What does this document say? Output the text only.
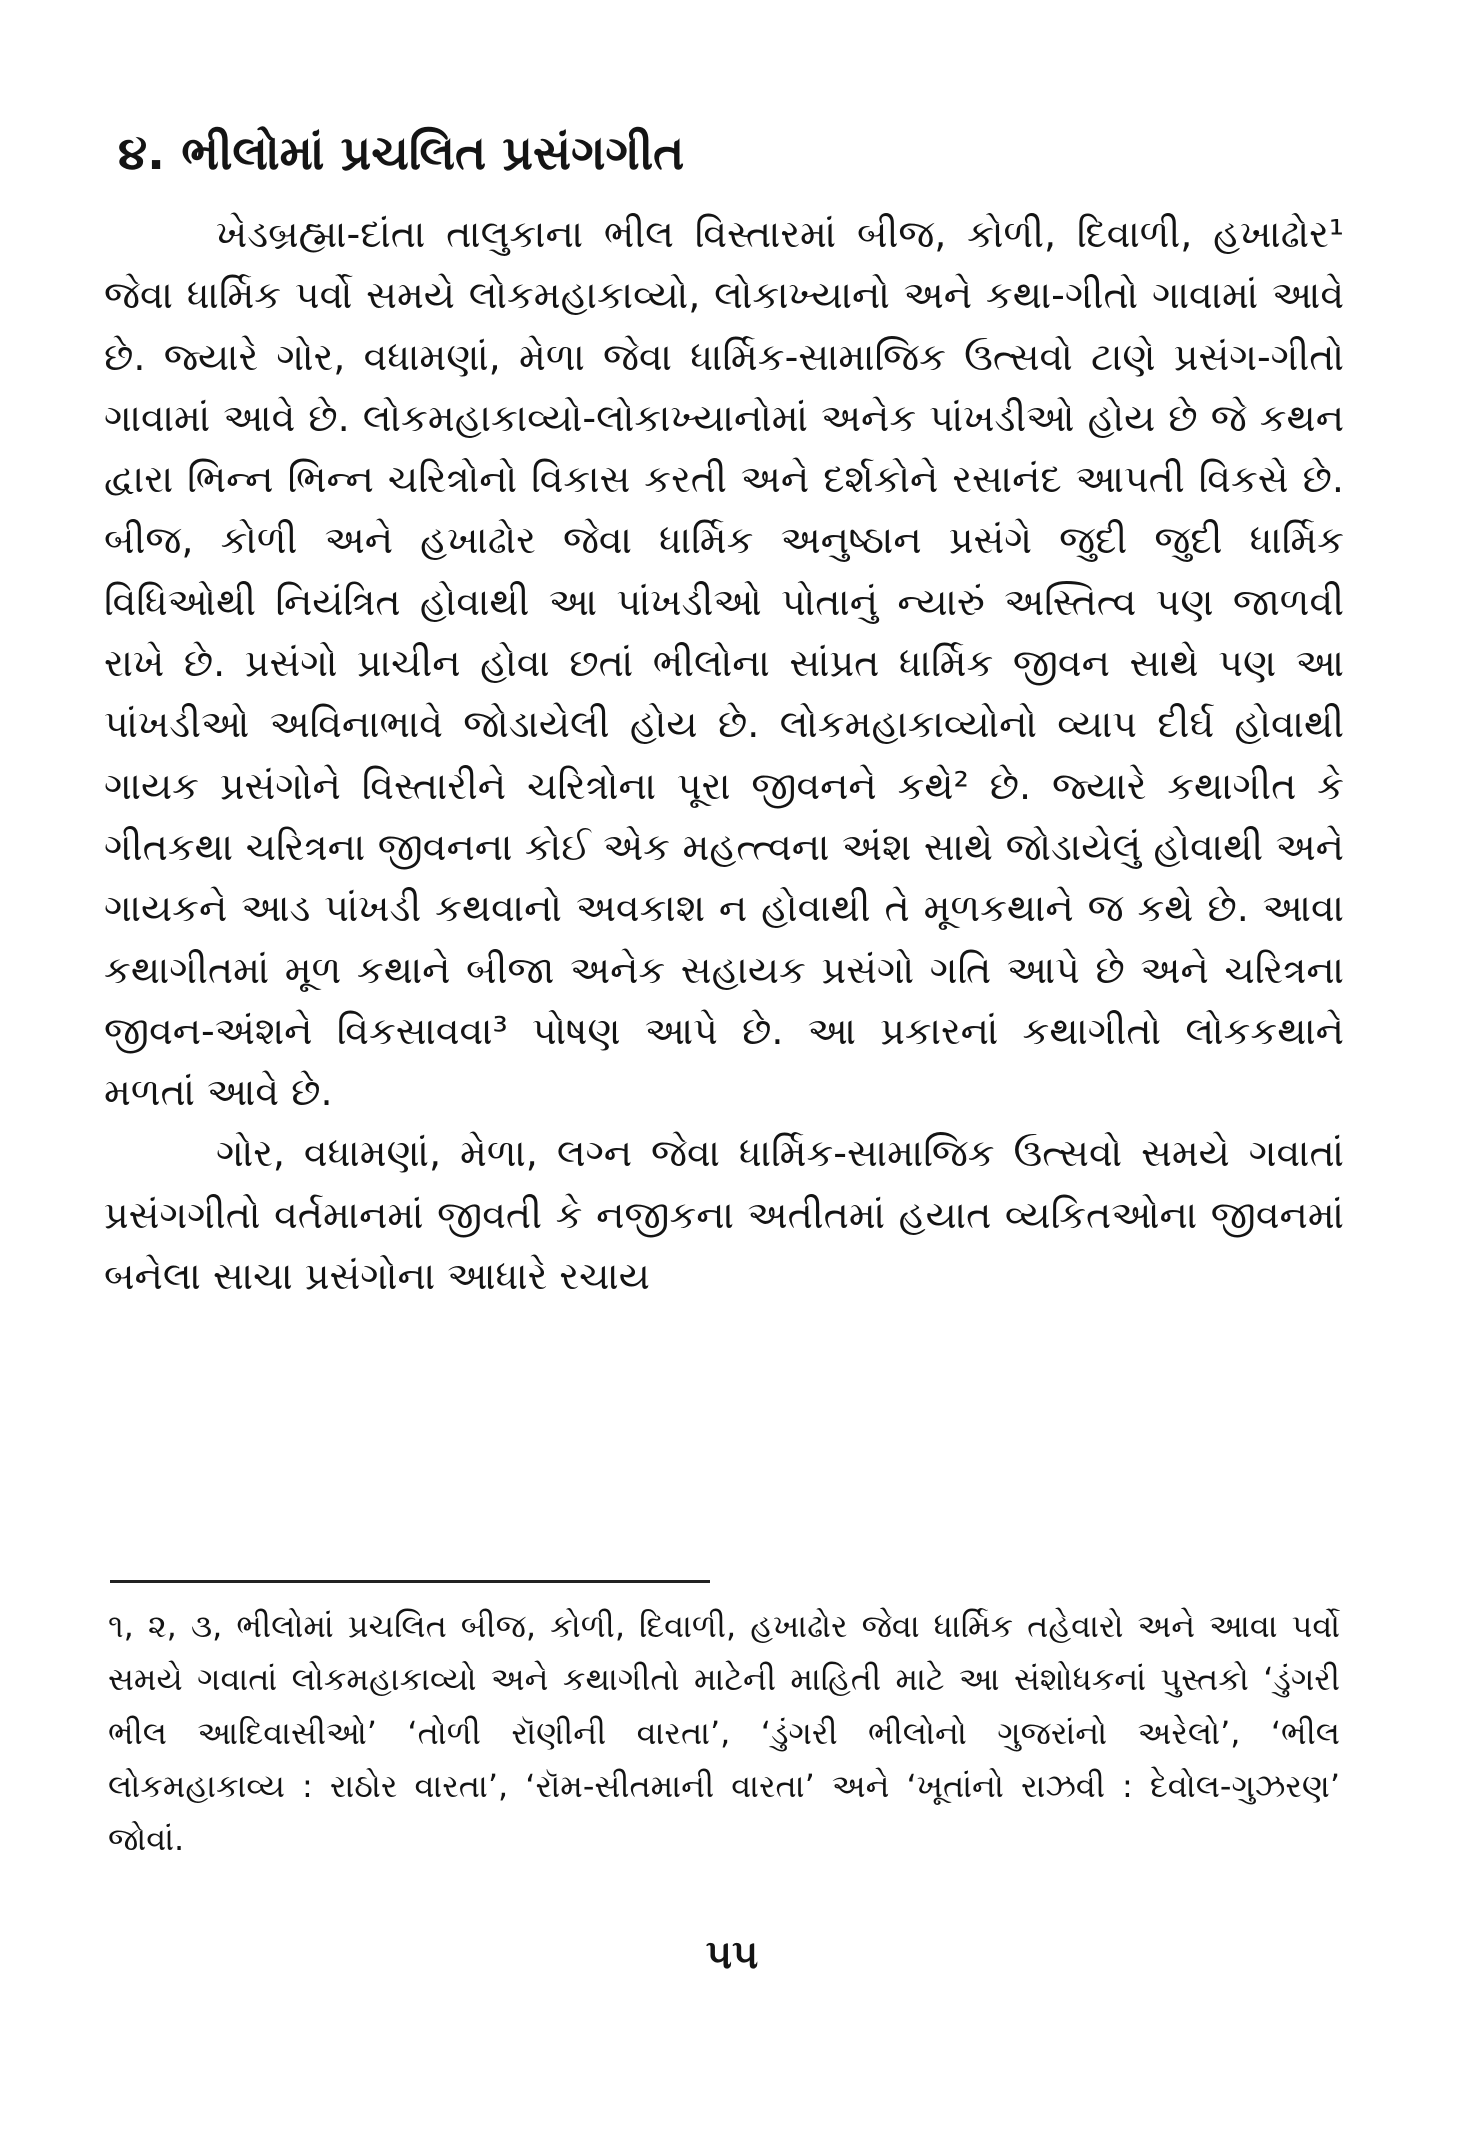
૪. ભીલોમાં પ્રચલિત પ્રસંગગીત

ખેડબ્રહ્મા-દાંતા તાલુકાના ભીલ વિસ્તારમાં બીજ, કોળી, દિવાળી, હખાઢોર¹ જેવા ધાર્મિક પર્વો સમયે લોકમહાકાવ્યો, લોકાખ્યાનો અને કથા-ગીતો ગાવામાં આવે છે. જ્યારે ગોર, વધામણાં, મેળા જેવા ધાર્મિક-સામાજિક ઉત્સવો ટાણે પ્રસંગ-ગીતો ગાવામાં આવે છે. લોકમહાકાવ્યો-લોકાખ્યાનોમાં અનેક પાંખડીઓ હોય છે જે કથન દ્વારા ભિન્ન ભિન્ન ચરિત્રોનો વિકાસ કરતી અને દર્શકોને રસાનંદ આપતી વિકસે છે. બીજ, કોળી અને હખાઢોર જેવા ધાર્મિક અનુષ્ઠાન પ્રસંગે જુદી જુદી ધાર્મિક વિધિઓથી નિયંત્રિત હોવાથી આ પાંખડીઓ પોતાનું ન્યારું અસ્તિત્વ પણ જાળવી રાખે છે. પ્રસંગો પ્રાચીન હોવા છતાં ભીલોના સાંપ્રત ધાર્મિક જીવન સાથે પણ આ પાંખડીઓ અવિનાભાવે જોડાયેલી હોય છે. લોકમહાકાવ્યોનો વ્યાપ દીર્ઘ હોવાથી ગાયક પ્રસંગોને વિસ્તારીને ચરિત્રોના પૂરા જીવનને કથે² છે. જ્યારે કથાગીત કે ગીતકથા ચરિત્રના જીવનના કોઈ એક મહત્ત્વના અંશ સાથે જોડાયેલું હોવાથી અને ગાયકને આડ પાંખડી કથવાનો અવકાશ ન હોવાથી તે મૂળકથાને જ કથે છે. આવા કથાગીતમાં મૂળ કથાને બીજા અનેક સહાયક પ્રસંગો ગતિ આપે છે અને ચરિત્રના જીવન-અંશને વિકસાવવા³ પોષણ આપે છે. આ પ્રકારનાં કથાગીતો લોકકથાને મળતાં આવે છે.

ગોર, વધામણાં, મેળા, લગ્ન જેવા ધાર્મિક-સામાજિક ઉત્સવો સમયે ગવાતાં પ્રસંગગીતો વર્તમાનમાં જીવતી કે નજીકના અતીતમાં હયાત વ્યકિતઓના જીવનમાં બનેલા સાચા પ્રસંગોના આધારે રચાય

૧, ૨, ૩, ભીલોમાં પ્રચલિત બીજ, કોળી, દિવાળી, હખાઢોર જેવા ધાર્મિક તહેવારો અને આવા પર્વો સમયે ગવાતાં લોકમહાકાવ્યો અને કથાગીતો માટેની માહિતી માટે આ સંશોધકનાં પુસ્તકો ‘ડુંગરી ભીલ આદિવાસીઓ’ ‘તોળી રૉણીની વારતા’, ‘ડુંગરી ભીલોનો ગુજરાંનો અરેલો’, ‘ભીલ લોકમહાકાવ્ય : રાઠોર વારતા’, ‘રૉમ-સીતમાની વારતા’ અને ‘ખૂતાંનો રાઝવી : દેવોલ-ગુઝરણ’ જોવાં.

૫૫
